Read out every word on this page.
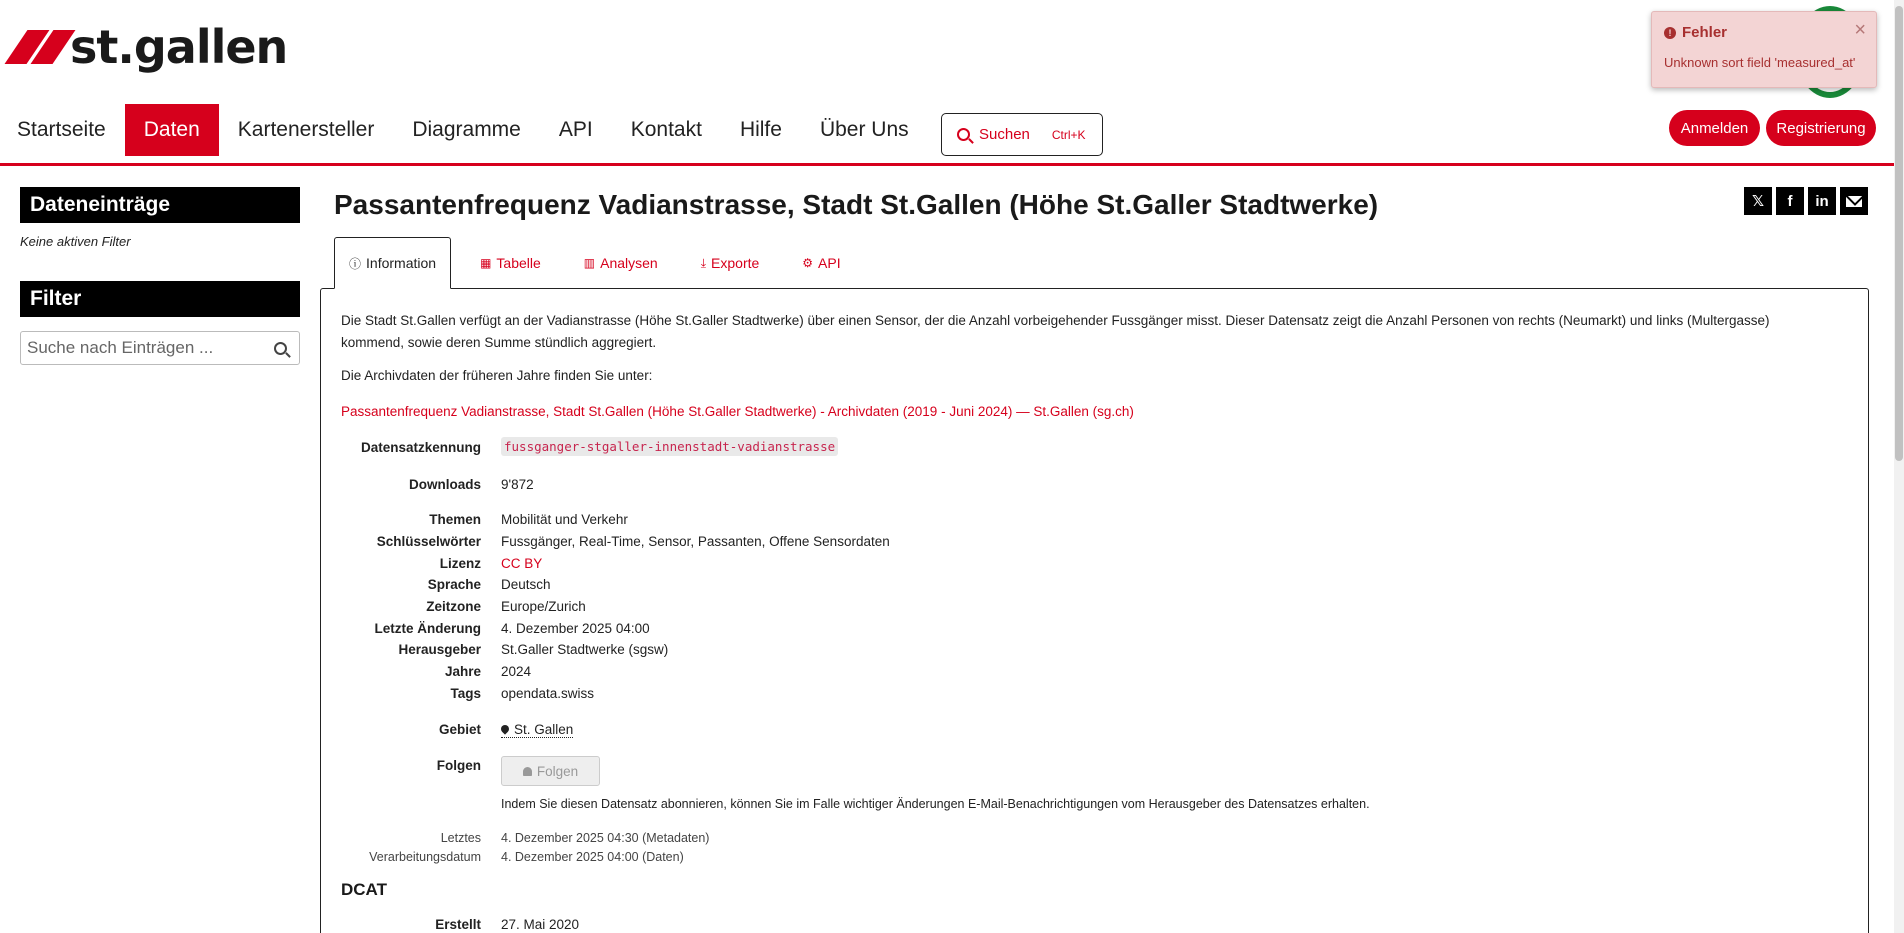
st.gallen
Startseite	Daten	Kartenersteller	Diagramme	API	Kontakt	Hilfe	Über Uns	Suchen Ctrl+K	Anmelden	Registrierung
! Fehler
Unknown sort field 'measured_at'
×
Dateneinträge
Keine aktiven Filter
Filter
Suche nach Einträgen ...
Passantenfrequenz Vadianstrasse, Stadt St.Gallen (Höhe St.Galler Stadtwerke)	𝕏	f	in
ⓘ Information	▦ Tabelle	▥ Analysen	⤓ Exporte	⚙ API

Die Stadt St.Gallen verfügt an der Vadianstrasse (Höhe St.Galler Stadtwerke) über einen Sensor, der die Anzahl vorbeigehender Fussgänger misst. Dieser Datensatz zeigt die Anzahl Personen von rechts (Neumarkt) und links (Multergasse) kommend, sowie deren Summe stündlich aggregiert.

Die Archivdaten der früheren Jahre finden Sie unter:

Passantenfrequenz Vadianstrasse, Stadt St.Gallen (Höhe St.Galler Stadtwerke) - Archivdaten (2019 - Juni 2024) — St.Gallen (sg.ch)
Datensatzkennung fussganger-stgaller-innenstadt-vadianstrasse
Downloads 9'872
Themen Mobilität und Verkehr
Schlüsselwörter Fussgänger, Real-Time, Sensor, Passanten, Offene Sensordaten
Lizenz CC BY
Sprache Deutsch
Zeitzone Europe/Zurich
Letzte Änderung 4. Dezember 2025 04:00
Herausgeber St.Galler Stadtwerke (sgsw)
Jahre 2024
Tags opendata.swiss
Gebiet	St. Gallen
Folgen	Folgen
Indem Sie diesen Datensatz abonnieren, können Sie im Falle wichtiger Änderungen E-Mail-Benachrichtigungen vom Herausgeber des Datensatzes erhalten.
Letztes 4. Dezember 2025 04:30 (Metadaten)
Verarbeitungsdatum 4. Dezember 2025 04:00 (Daten)
DCAT
Erstellt 27. Mai 2020
